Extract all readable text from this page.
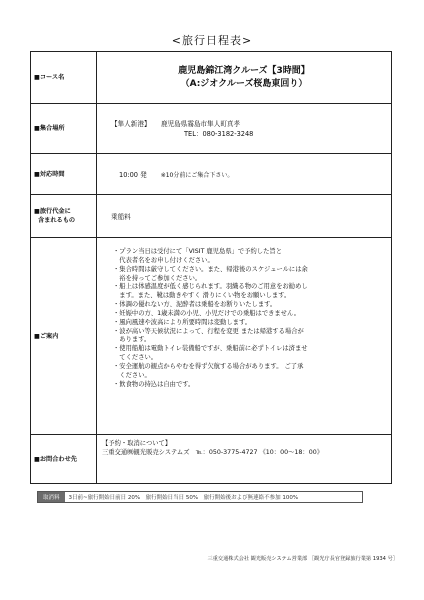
<旅行日程表>
■コース名
鹿児島錦江湾クルーズ【3時間】
（A:ジオクルーズ桜島東回り）
■集合場所
【隼人新港】 鹿児島県霧島市隼人町真孝
TEL：080-3182-3248
■対応時間	10:00 発 ※10分前にご集合下さい。
■旅行代金に
含まれるもの	乗船料
■ご案内
・プラン当日は受付にて「VISIT 鹿児島県」で予約した旨と
　代表者名をお申し付けください。
・集合時間は厳守してください。また、帰港後のスケジュールには余
　裕を持ってご参加ください。
・船上は体感温度が低く感じられます。羽織る物のご用意をお勧めし
　ます。また、靴は動きやすく 滑りにくい物をお願いします。
・体調の優れない方、泥酔者は乗船をお断りいたします。
・妊娠中の方、1歳未満の小児、小児だけでの乗船はできません。
・風向風速や波高により所要時間は変動します。
・波が高い等天候状況によって、行程を変更 または帰港する場合が
　あります。
・使用船舶は電動トイレ装備船ですが、乗船前に必ずトイレは済ませ
　てください。
・安全運航の観点からやむを得ず欠航する場合があります。 ご了承
　ください。
・飲食物の持込は自由です。
■お問合わせ先
【予約・取消について】
三重交通㈱観光販売システムズ　℡：050-3775-4727 《10：00～18：00》
取消料	3日前~旅行開始日前日 20%　旅行開始日当日 50%　旅行開始後および無連絡不参加 100%
三重交通株式会社 観光販売システム営業部 ［観光庁長官登録旅行業第 1934 号］
